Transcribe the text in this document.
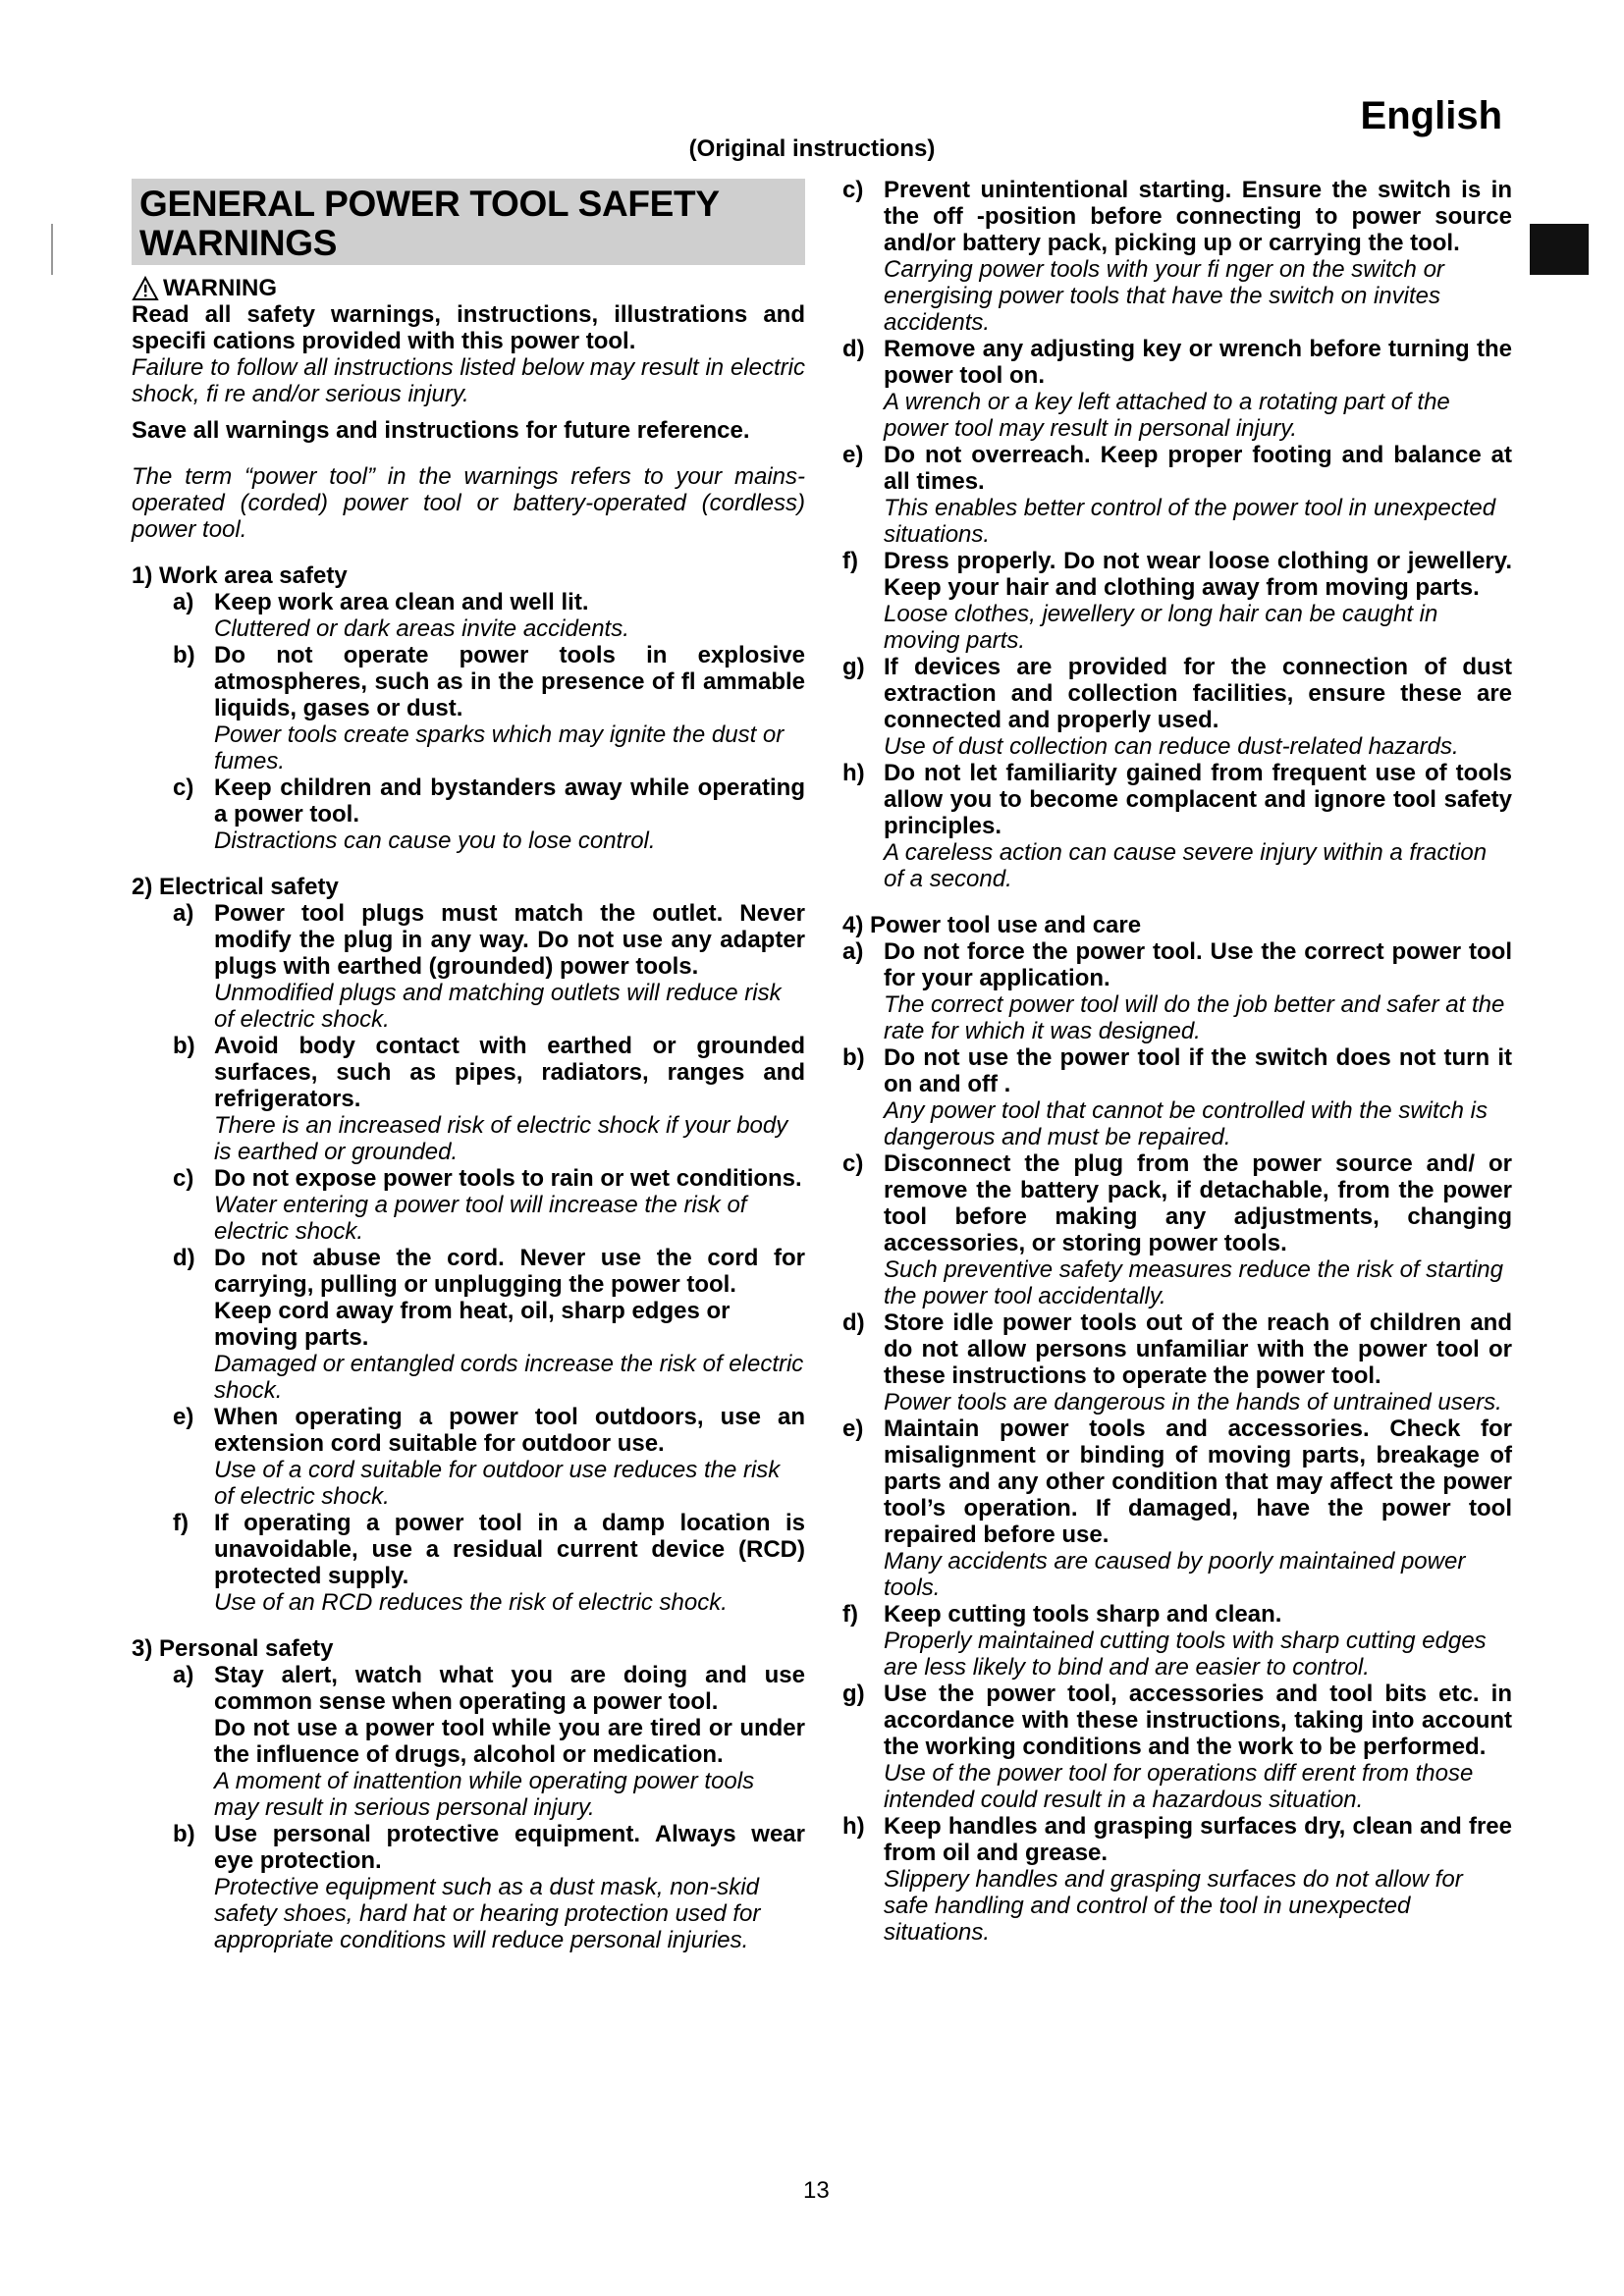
English
(Original instructions)
GENERAL POWER TOOL SAFETY
WARNINGS
WARNING
Read all safety warnings, instructions, illustrations and specifi cations provided with this power tool.
Failure to follow all instructions listed below may result in electric shock, fi re and/or serious injury.
Save all warnings and instructions for future reference.
The term “power tool” in the warnings refers to your mains-operated (corded) power tool or battery-operated (cordless) power tool.
1) Work area safety
a) Keep work area clean and well lit.
Cluttered or dark areas invite accidents.
b) Do not operate power tools in explosive atmospheres, such as in the presence of fl ammable liquids, gases or dust.
Power tools create sparks which may ignite the dust or fumes.
c) Keep children and bystanders away while operating a power tool.
Distractions can cause you to lose control.
2) Electrical safety
a) Power tool plugs must match the outlet. Never modify the plug in any way. Do not use any adapter plugs with earthed (grounded) power tools.
Unmodified plugs and matching outlets will reduce risk of electric shock.
b) Avoid body contact with earthed or grounded surfaces, such as pipes, radiators, ranges and refrigerators.
There is an increased risk of electric shock if your body is earthed or grounded.
c) Do not expose power tools to rain or wet conditions.
Water entering a power tool will increase the risk of electric shock.
d) Do not abuse the cord. Never use the cord for carrying, pulling or unplugging the power tool.
Keep cord away from heat, oil, sharp edges or moving parts.
Damaged or entangled cords increase the risk of electric shock.
e) When operating a power tool outdoors, use an extension cord suitable for outdoor use.
Use of a cord suitable for outdoor use reduces the risk of electric shock.
f)	If operating a power tool in a damp location is unavoidable, use a residual current device (RCD) protected supply.
Use of an RCD reduces the risk of electric shock.
3) Personal safety
a) Stay alert, watch what you are doing and use common sense when operating a power tool.
Do not use a power tool while you are tired or under the influence of drugs, alcohol or medication.
A moment of inattention while operating power tools may result in serious personal injury.
b) Use personal protective equipment. Always wear eye protection.
Protective equipment such as a dust mask, non-skid safety shoes, hard hat or hearing protection used for appropriate conditions will reduce personal injuries.
c) Prevent unintentional starting. Ensure the switch is in the off -position before connecting to power source and/or battery pack, picking up or carrying the tool.
Carrying power tools with your fi nger on the switch or energising power tools that have the switch on invites accidents.
d) Remove any adjusting key or wrench before turning the power tool on.
A wrench or a key left attached to a rotating part of the power tool may result in personal injury.
e) Do not overreach. Keep proper footing and balance at all times.
This enables better control of the power tool in unexpected situations.
f)	Dress properly. Do not wear loose clothing or jewellery. Keep your hair and clothing away from moving parts.
Loose clothes, jewellery or long hair can be caught in moving parts.
g) If devices are provided for the connection of dust extraction and collection facilities, ensure these are connected and properly used.
Use of dust collection can reduce dust-related hazards.
h) Do not let familiarity gained from frequent use of tools allow you to become complacent and ignore tool safety principles.
A careless action can cause severe injury within a fraction of a second.
4) Power tool use and care
a) Do not force the power tool. Use the correct power tool for your application.
The correct power tool will do the job better and safer at the rate for which it was designed.
b) Do not use the power tool if the switch does not turn it on and off .
Any power tool that cannot be controlled with the switch is dangerous and must be repaired.
c) Disconnect the plug from the power source and/ or remove the battery pack, if detachable, from the power tool before making any adjustments, changing accessories, or storing power tools.
Such preventive safety measures reduce the risk of starting the power tool accidentally.
d) Store idle power tools out of the reach of children and do not allow persons unfamiliar with the power tool or these instructions to operate the power tool.
Power tools are dangerous in the hands of untrained users.
e) Maintain power tools and accessories. Check for misalignment or binding of moving parts, breakage of parts and any other condition that may affect the power tool’s operation. If damaged, have the power tool repaired before use.
Many accidents are caused by poorly maintained power tools.
f)	Keep cutting tools sharp and clean.
Properly maintained cutting tools with sharp cutting edges are less likely to bind and are easier to control.
g) Use the power tool, accessories and tool bits etc. in accordance with these instructions, taking into account the working conditions and the work to be performed.
Use of the power tool for operations diff erent from those intended could result in a hazardous situation.
h) Keep handles and grasping surfaces dry, clean and free from oil and grease.
Slippery handles and grasping surfaces do not allow for safe handling and control of the tool in unexpected situations.
13
